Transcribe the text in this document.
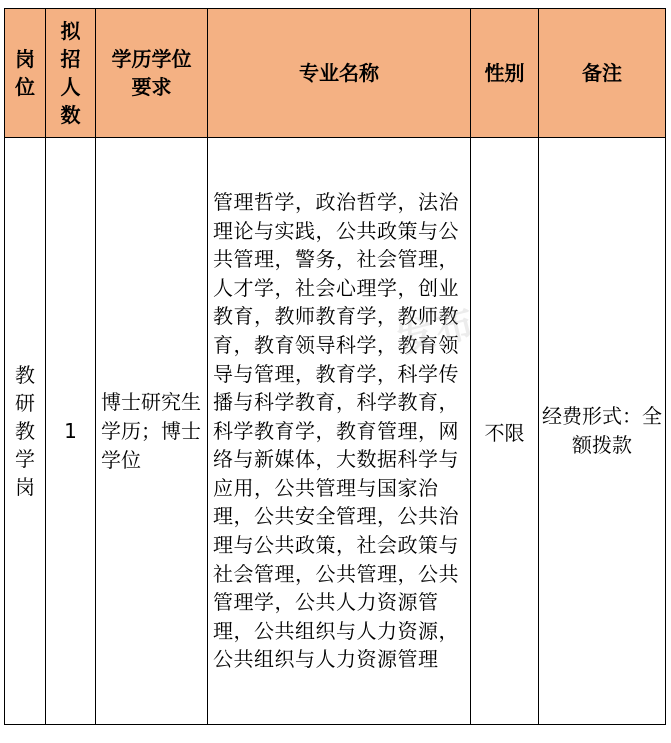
岗位	拟招人数	学历学位要求	专业名称	性别	备注

教研教学岗	1	博士研究生学历；博士学位	管理哲学，政治哲学，法治理论与实践，公共政策与公共管理，警务，社会管理，人才学，社会心理学，创业教育，教师教育学，教师教育，教育领导科学，教育领导与管理，教育学，科学传播与科学教育，科学教育，科学教育学，教育管理，网络与新媒体，大数据科学与应用，公共管理与国家治理，公共安全管理，公共治理与公共政策，社会政策与社会管理，公共管理，公共管理学，公共人力资源管理，公共组织与人力资源，公共组织与人力资源管理	不限	经费形式：全额拨款
发布
